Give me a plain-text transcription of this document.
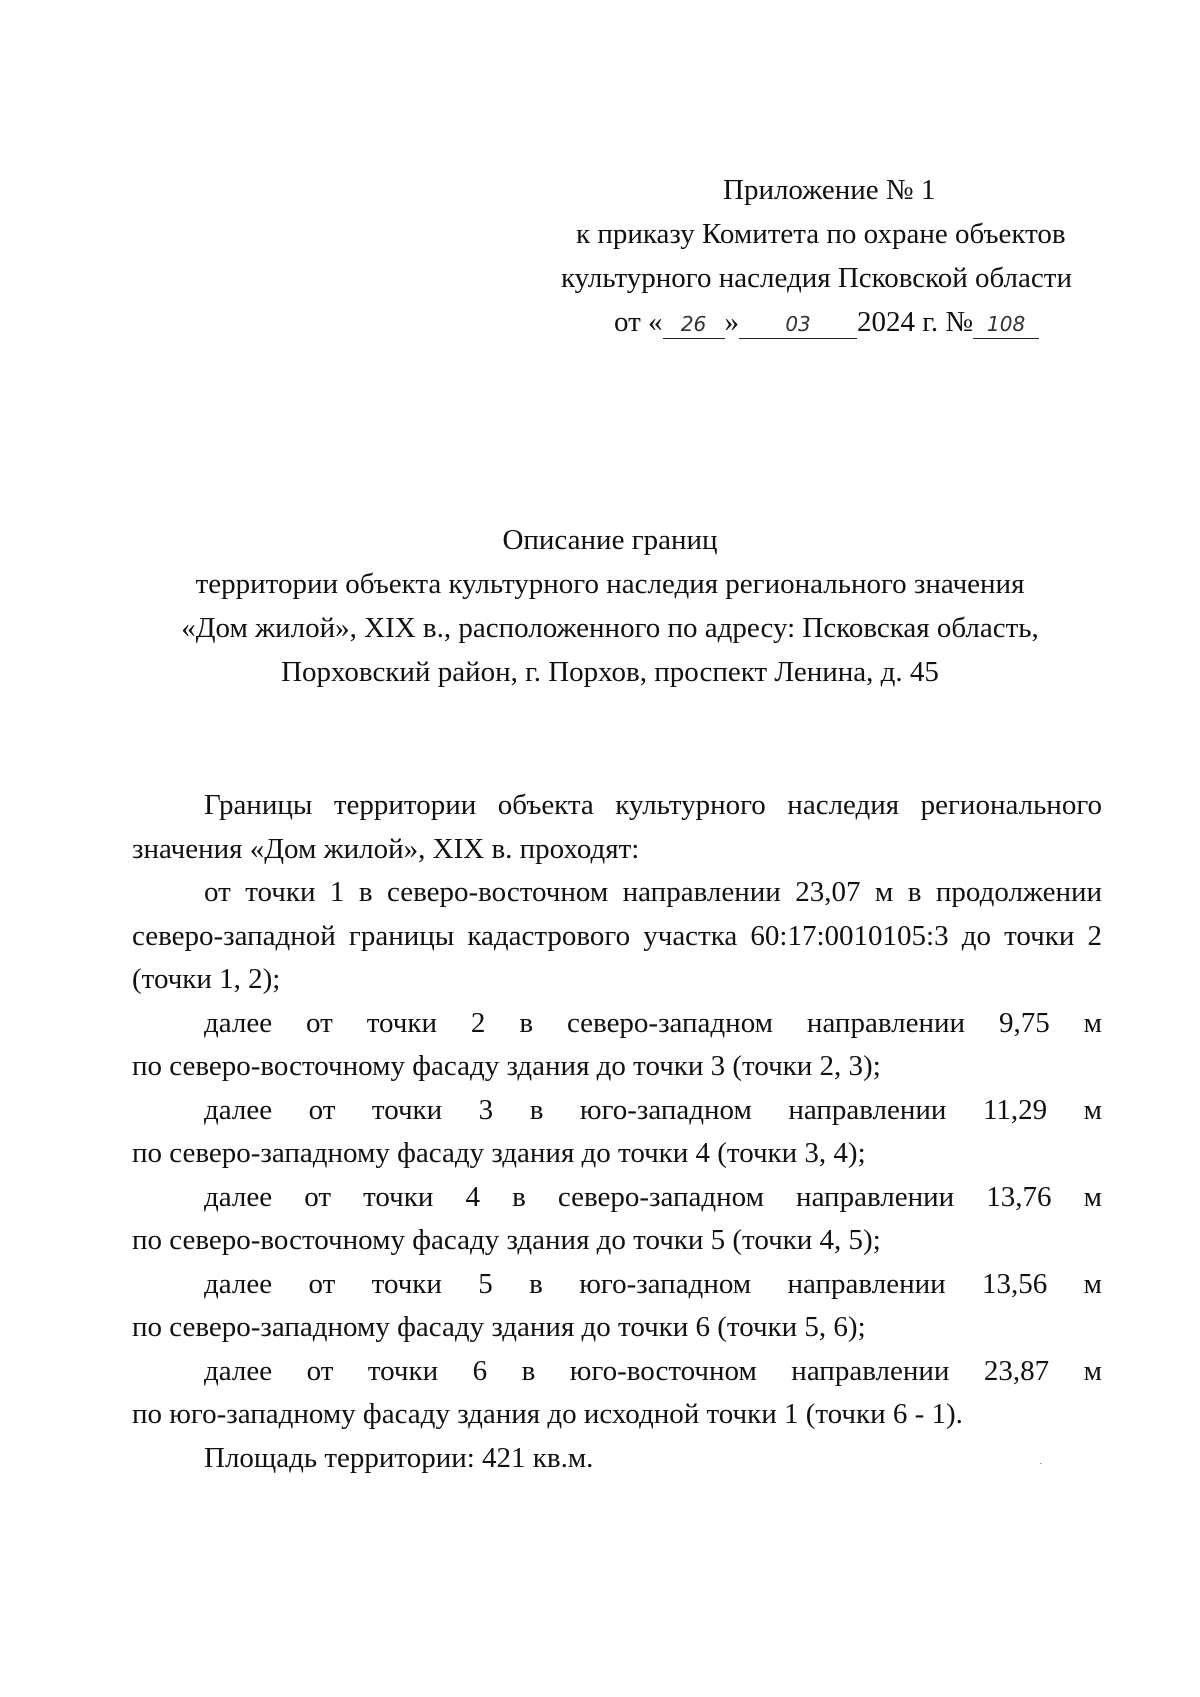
Приложение № 1
к приказу Комитета по охране объектов
культурного наследия Псковской области
от « 26 » 03 2024 г. № 108
Описание границ
территории объекта культурного наследия регионального значения
«Дом жилой», XIX в., расположенного по адресу: Псковская область,
Порховский район, г. Порхов, проспект Ленина, д. 45
Границы территории объекта культурного наследия регионального
значения «Дом жилой», XIX в. проходят:
от точки 1 в северо-восточном направлении 23,07 м в продолжении
северо-западной границы кадастрового участка 60:17:0010105:3 до точки 2
(точки 1, 2);
далее от точки 2 в северо-западном направлении 9,75 м
по северо-восточному фасаду здания до точки 3 (точки 2, 3);
далее от точки 3 в юго-западном направлении 11,29 м
по северо-западному фасаду здания до точки 4 (точки 3, 4);
далее от точки 4 в северо-западном направлении 13,76 м
по северо-восточному фасаду здания до точки 5 (точки 4, 5);
далее от точки 5 в юго-западном направлении 13,56 м
по северо-западному фасаду здания до точки 6 (точки 5, 6);
далее от точки 6 в юго-восточном направлении 23,87 м
по юго-западному фасаду здания до исходной точки 1 (точки 6 - 1).
Площадь территории: 421 кв.м.
